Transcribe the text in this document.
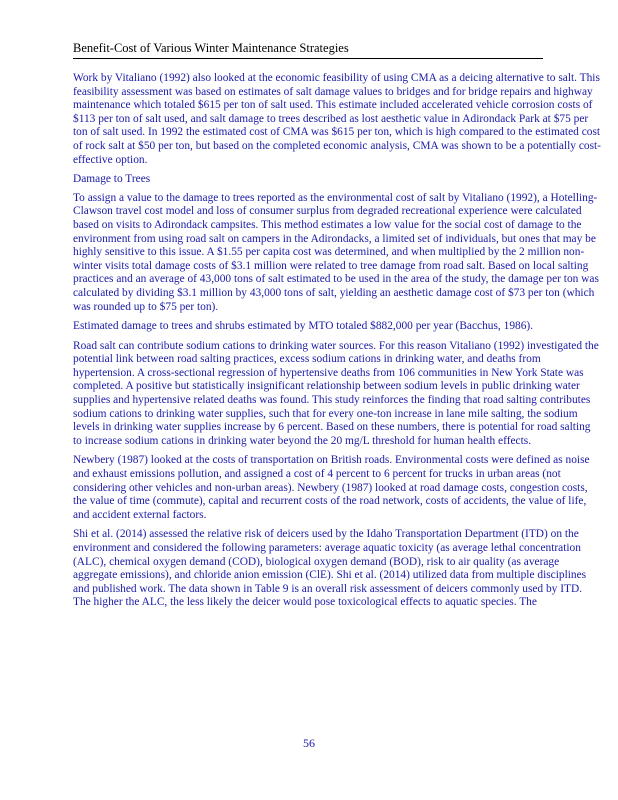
Benefit-Cost of Various Winter Maintenance Strategies

Work by Vitaliano (1992) also looked at the economic feasibility of using CMA as a deicing alternative to salt. This feasibility assessment was based on estimates of salt damage values to bridges and for bridge repairs and highway maintenance which totaled $615 per ton of salt used. This estimate included accelerated vehicle corrosion costs of $113 per ton of salt used, and salt damage to trees described as lost aesthetic value in Adirondack Park at $75 per ton of salt used. In 1992 the estimated cost of CMA was $615 per ton, which is high compared to the estimated cost of rock salt at $50 per ton, but based on the completed economic analysis, CMA was shown to be a potentially cost-effective option.

Damage to Trees

To assign a value to the damage to trees reported as the environmental cost of salt by Vitaliano (1992), a Hotelling-Clawson travel cost model and loss of consumer surplus from degraded recreational experience were calculated based on visits to Adirondack campsites. This method estimates a low value for the social cost of damage to the environment from using road salt on campers in the Adirondacks, a limited set of individuals, but ones that may be highly sensitive to this issue. A $1.55 per capita cost was determined, and when multiplied by the 2 million non-winter visits total damage costs of $3.1 million were related to tree damage from road salt. Based on local salting practices and an average of 43,000 tons of salt estimated to be used in the area of the study, the damage per ton was calculated by dividing $3.1 million by 43,000 tons of salt, yielding an aesthetic damage cost of $73 per ton (which was rounded up to $75 per ton).

Estimated damage to trees and shrubs estimated by MTO totaled $882,000 per year (Bacchus, 1986).

Road salt can contribute sodium cations to drinking water sources. For this reason Vitaliano (1992) investigated the potential link between road salting practices, excess sodium cations in drinking water, and deaths from hypertension. A cross-sectional regression of hypertensive deaths from 106 communities in New York State was completed. A positive but statistically insignificant relationship between sodium levels in public drinking water supplies and hypertensive related deaths was found. This study reinforces the finding that road salting contributes sodium cations to drinking water supplies, such that for every one-ton increase in lane mile salting, the sodium levels in drinking water supplies increase by 6 percent. Based on these numbers, there is potential for road salting to increase sodium cations in drinking water beyond the 20 mg/L threshold for human health effects.

Newbery (1987) looked at the costs of transportation on British roads. Environmental costs were defined as noise and exhaust emissions pollution, and assigned a cost of 4 percent to 6 percent for trucks in urban areas (not considering other vehicles and non-urban areas). Newbery (1987) looked at road damage costs, congestion costs, the value of time (commute), capital and recurrent costs of the road network, costs of accidents, the value of life, and accident external factors.

Shi et al. (2014) assessed the relative risk of deicers used by the Idaho Transportation Department (ITD) on the environment and considered the following parameters: average aquatic toxicity (as average lethal concentration (ALC), chemical oxygen demand (COD), biological oxygen demand (BOD), risk to air quality (as average aggregate emissions), and chloride anion emission (ClE). Shi et al. (2014) utilized data from multiple disciplines and published work. The data shown in Table 9 is an overall risk assessment of deicers commonly used by ITD. The higher the ALC, the less likely the deicer would pose toxicological effects to aquatic species. The

56
